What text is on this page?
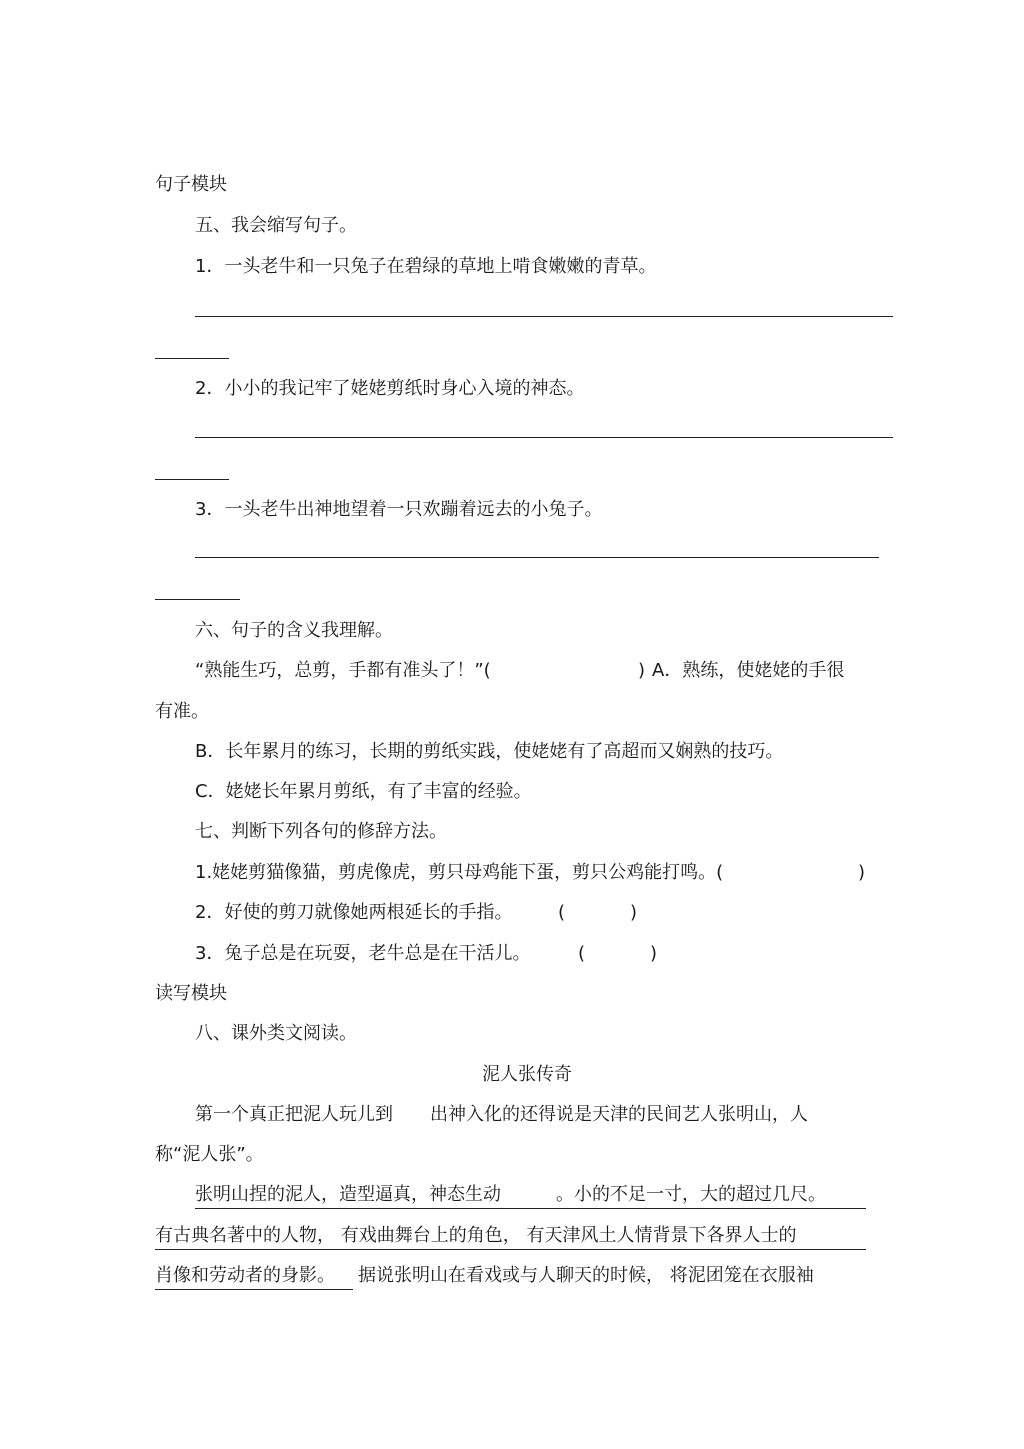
句子模块
五、我会缩写句子。
1．一头老牛和一只兔子在碧绿的草地上啃食嫩嫩的青草。
2．小小的我记牢了姥姥剪纸时身心入境的神态。
3．一头老牛出神地望着一只欢蹦着远去的小兔子。
六、句子的含义我理解。
“熟能生巧，总剪，手都有准头了！”(	) A．熟练，使姥姥的手很
有准。
B．长年累月的练习，长期的剪纸实践，使姥姥有了高超而又娴熟的技巧。
C．姥姥长年累月剪纸，有了丰富的经验。
七、判断下列各句的修辞方法。
1.姥姥剪猫像猫，剪虎像虎，剪只母鸡能下蛋，剪只公鸡能打鸣。(	)
2．好使的剪刀就像她两根延长的手指。	(	)
3．兔子总是在玩耍，老牛总是在干活儿。	(	)
读写模块
八、课外类文阅读。
泥人张传奇
第一个真正把泥人玩儿到 出神入化的还得说是天津的民间艺人张明山，人
称“泥人张”。
张明山捏的泥人，造型逼真，神态生动	。小的不足一寸，大的超过几尺。
有古典名著中的人物， 有戏曲舞台上的角色， 有天津风土人情背景下各界人士的
肖像和劳动者的身影。 据说张明山在看戏或与人聊天的时候， 将泥团笼在衣服袖
